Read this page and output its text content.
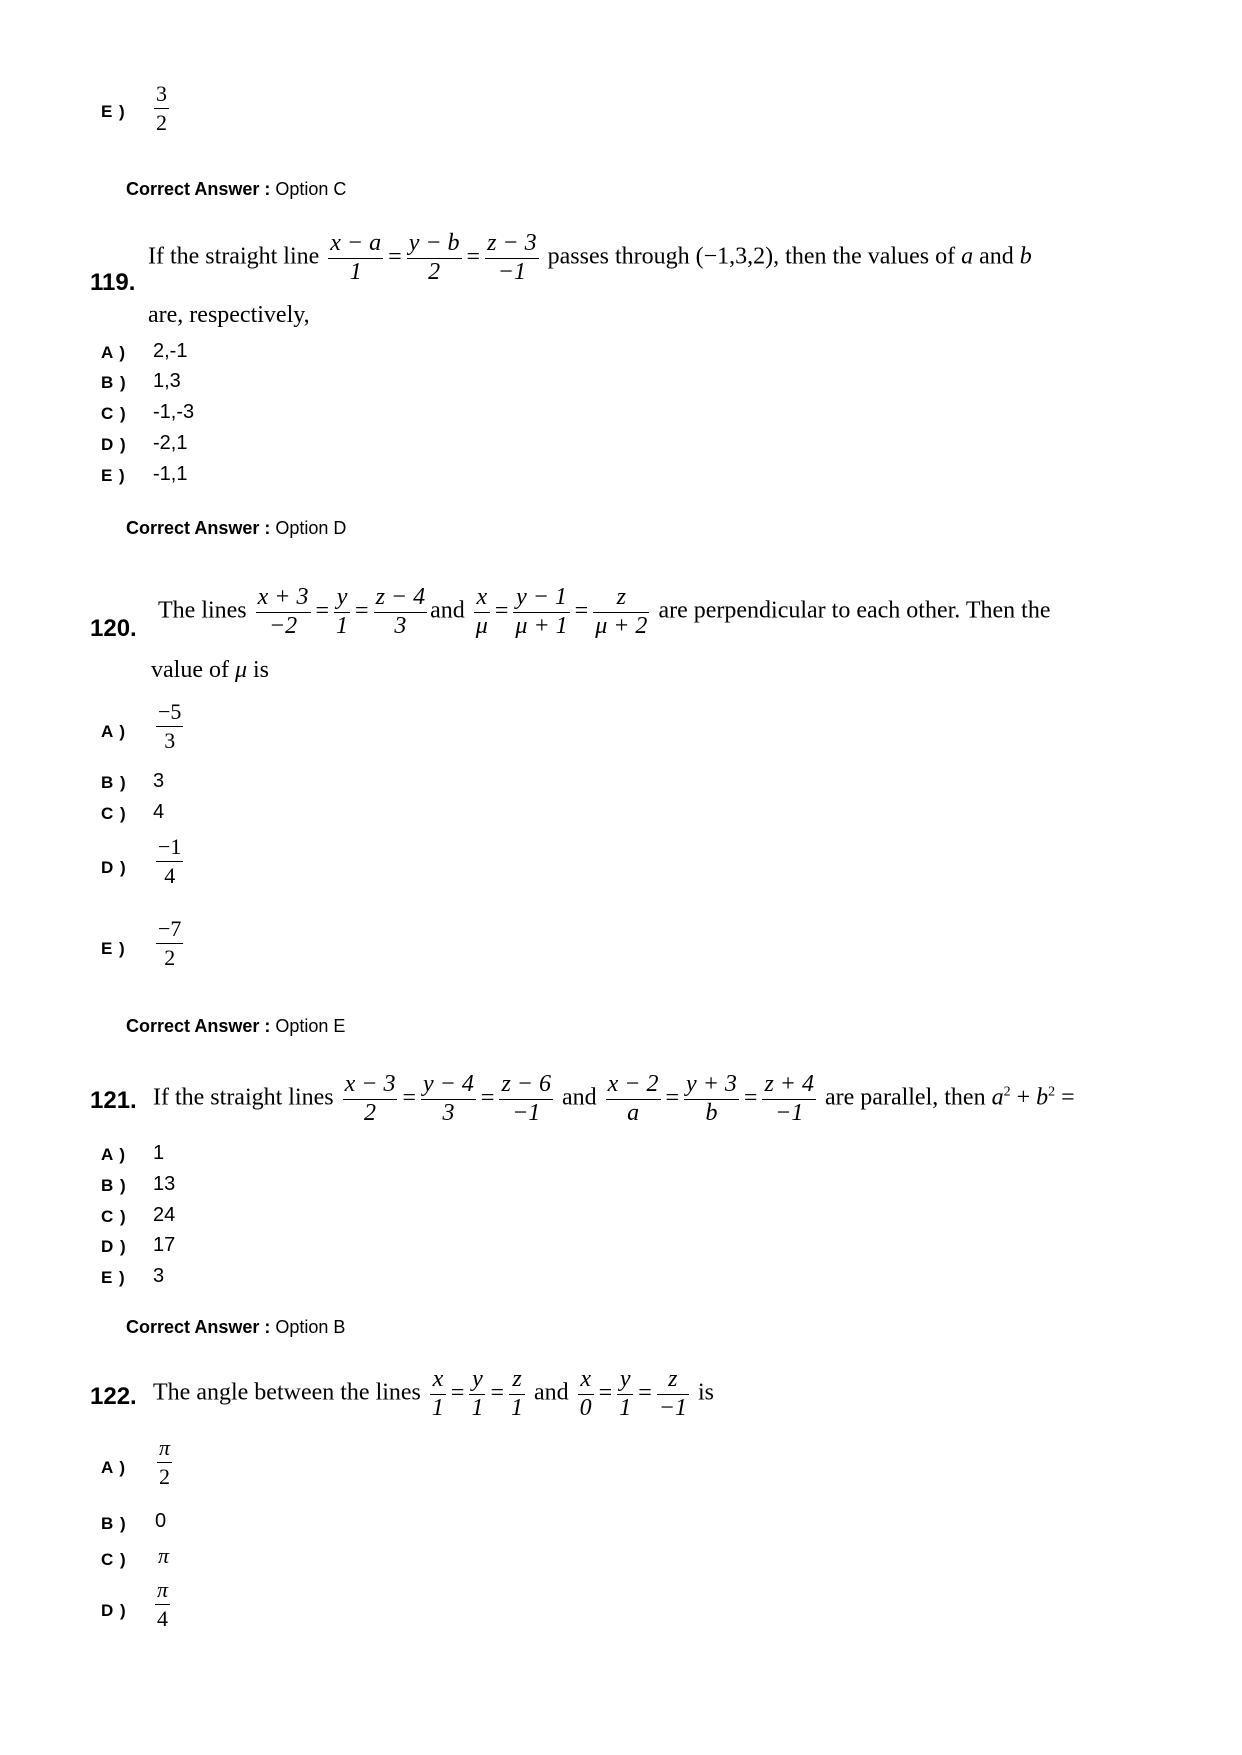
E )
3
2
Correct Answer : Option C
119.
If the straight line $\frac{x - a}{1} = \frac{y - b}{2} = \frac{z - 3}{-1}$ passes through (−1,3,2), then the values of a and b
are, respectively,
A ) 2,-1
B ) 1,3
C ) -1,-3
D ) -2,1
E ) -1,1
Correct Answer : Option D
120.
The lines $\frac{x + 3}{-2} = \frac{y}{1} = \frac{z - 4}{3}$ and $\frac{x}{\mu} = \frac{y - 1}{\mu + 1} = \frac{z}{\mu + 2}$ are perpendicular to each other. Then the
value of μ is
A )
−5
3
B ) 3
C ) 4
D )
−1
4
E )
−7
2
Correct Answer : Option E
121. If the straight lines $\frac{x - 3}{2} = \frac{y - 4}{3} = \frac{z - 6}{-1}$ and $\frac{x - 2}{a} = \frac{y + 3}{b} = \frac{z + 4}{-1}$ are parallel, then $a^2 + b^2$ =
A ) 1
B ) 13
C ) 24
D ) 17
E ) 3
Correct Answer : Option B
122. The angle between the lines $\frac{x}{1} = \frac{y}{1} = \frac{z}{1}$ and $\frac{x}{0} = \frac{y}{1} = \frac{z}{-1}$ is
A )
π
2
B ) 0
C ) π
D )
π
4
